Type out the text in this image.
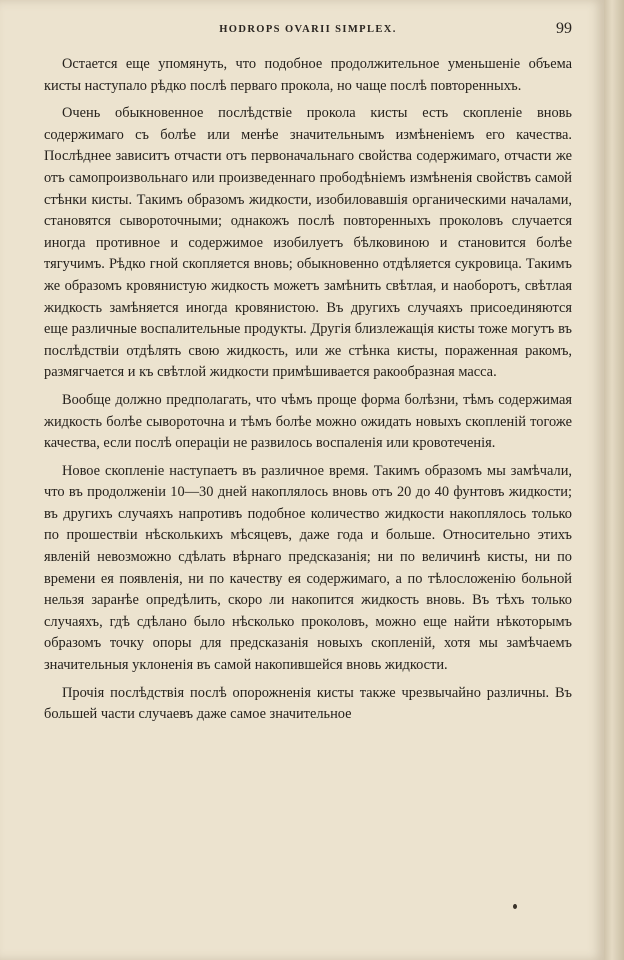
HODROPS OVARII SIMPLEX.	99

Остается еще упомянуть, что подобное продолжительное уменьшеніе объема кисты наступало рѣдко послѣ перваго прокола, но чаще послѣ повторенныхъ.

Очень обыкновенное послѣдствіе прокола кисты есть скопленіе вновь содержимаго съ болѣе или менѣе значительнымъ измѣненіемъ его качества. Послѣднее зависитъ отчасти отъ первоначальнаго свойства содержимаго, отчасти же отъ самопроизвольнаго или произведеннаго прободѣніемъ измѣненія свойствъ самой стѣнки кисты. Такимъ образомъ жидкости, изобиловавшія органическими началами, становятся сывороточными; однакожъ послѣ повторенныхъ проколовъ случается иногда противное и содержимое изобилуетъ бѣлковиною и становится болѣе тягучимъ. Рѣдко гной скопляется вновь; обыкновенно отдѣляется сукровица. Такимъ же образомъ кровянистую жидкость можетъ замѣнить свѣтлая, и наоборотъ, свѣтлая жидкость замѣняется иногда кровянистою. Въ другихъ случаяхъ присоединяются еще различные воспалительные продукты. Другія близлежащія кисты тоже могутъ въ послѣдствіи отдѣлять свою жидкость, или же стѣнка кисты, пораженная ракомъ, размягчается и къ свѣтлой жидкости примѣшивается ракообразная масса.

Вообще должно предполагать, что чѣмъ проще форма болѣзни, тѣмъ содержимая жидкость болѣе сывороточна и тѣмъ болѣе можно ожидать новыхъ скопленій тогоже качества, если послѣ операціи не развилось воспаленія или кровотеченія.

Новое скопленіе наступаетъ въ различное время. Такимъ образомъ мы замѣчали, что въ продолженіи 10—30 дней накоплялось вновь отъ 20 до 40 фунтовъ жидкости; въ другихъ случаяхъ напротивъ подобное количество жидкости накоплялось только по прошествіи нѣсколькихъ мѣсяцевъ, даже года и больше. Относительно этихъ явленій невозможно сдѣлать вѣрнаго предсказанія; ни по величинѣ кисты, ни по времени ея появленія, ни по качеству ея содержимаго, а по тѣлосложенію больной нельзя заранѣе опредѣлить, скоро ли накопится жидкость вновь. Въ тѣхъ только случаяхъ, гдѣ сдѣлано было нѣсколько проколовъ, можно еще найти нѣкоторымъ образомъ точку опоры для предсказанія новыхъ скопленій, хотя мы замѣчаемъ значительныя уклоненія въ самой накопившейся вновь жидкости.

Прочія послѣдствія послѣ опорожненія кисты также чрезвычайно различны. Въ большей части случаевъ даже самое значительное
